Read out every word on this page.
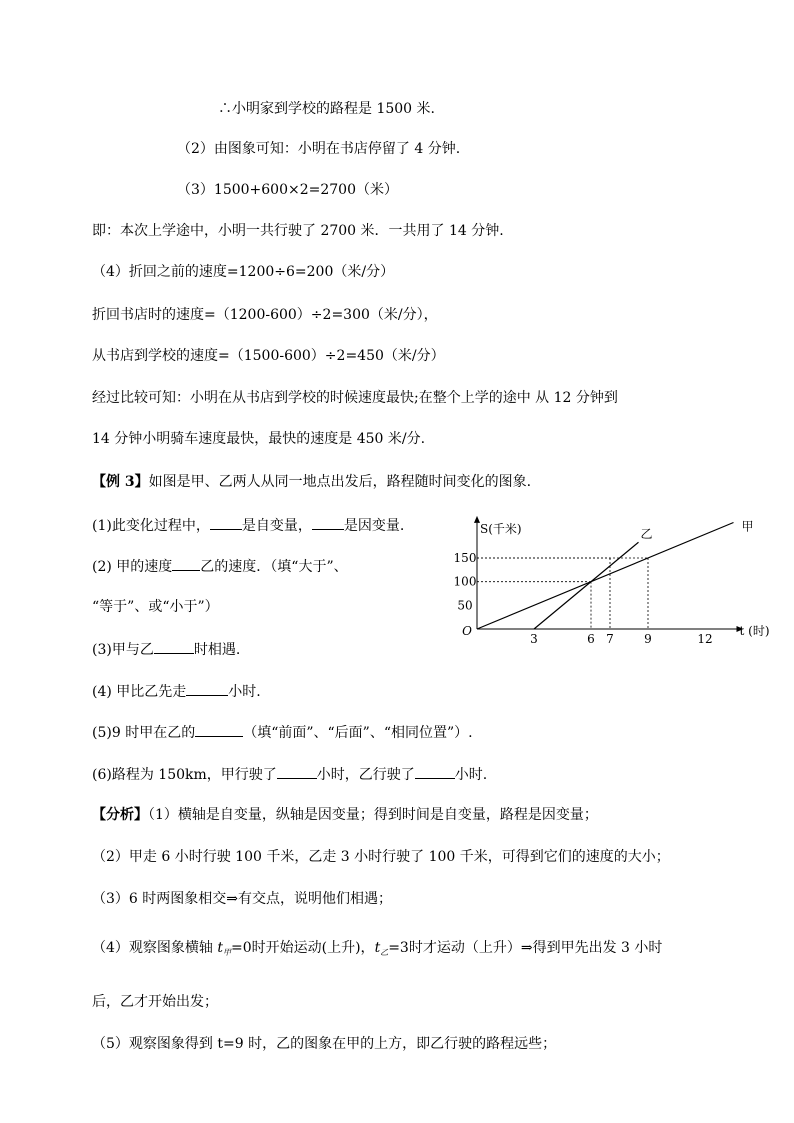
∴小明家到学校的路程是 1500 米.
（2）由图象可知：小明在书店停留了 4 分钟.
（3）1500+600×2=2700（米）
即：本次上学途中，小明一共行驶了 2700 米．一共用了 14 分钟.
（4）折回之前的速度=1200÷6=200（米/分）
折回书店时的速度=（1200-600）÷2=300（米/分），
从书店到学校的速度=（1500-600）÷2=450（米/分）
经过比较可知：小明在从书店到学校的时候速度最快;在整个上学的途中 从 12 分钟到
14 分钟小明骑车速度最快，最快的速度是 450 米/分.
【例 3】如图是甲、乙两人从同一地点出发后，路程随时间变化的图象.
(1)此变化过程中， 是自变量， 是因变量.
(2) 甲的速度 乙的速度．（填“大于”、
“等于”、或“小于”）
(3)甲与乙	时相遇.
(4) 甲比乙先走	小时.
(5)9 时甲在乙的	（填“前面”、“后面”、“相同位置”）.
(6)路程为 150km，甲行驶了	小时，乙行驶了	小时.
【分析】（1）横轴是自变量，纵轴是因变量；得到时间是自变量，路程是因变量；
（2）甲走 6 小时行驶 100 千米，乙走 3 小时行驶了 100 千米，可得到它们的速度的大小；
（3）6 时两图象相交⇒有交点，说明他们相遇；
（4）观察图象横轴 $t_甲=0$时开始运动(上升)，$t_乙=3$时才运动（上升）⇒得到甲先出发 3 小时
后，乙才开始出发；
（5）观察图象得到 t=9 时，乙的图象在甲的上方，即乙行驶的路程远些；
甲
乙
3	6 7	9	12
50
100
150
O
S(千米)
t (时)
